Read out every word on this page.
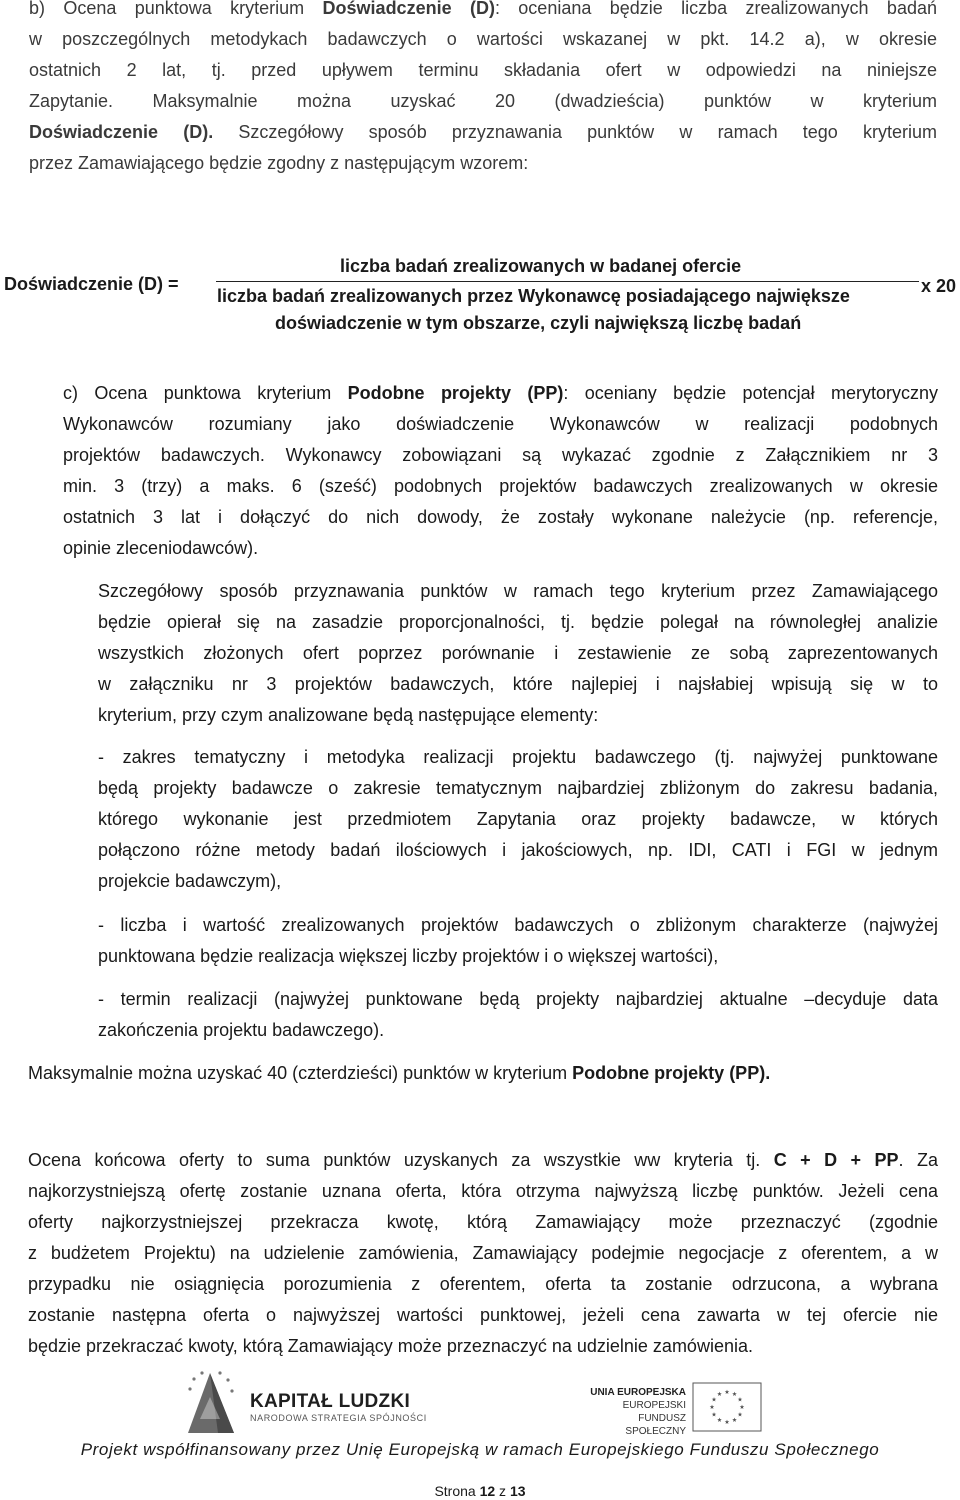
b) Ocena punktowa kryterium Doświadczenie (D): oceniana będzie liczba zrealizowanych badań
w poszczególnych metodykach badawczych o wartości wskazanej w pkt. 14.2 a), w okresie
ostatnich 2 lat, tj. przed upływem terminu składania ofert w odpowiedzi na niniejsze
Zapytanie. Maksymalnie można uzyskać 20 (dwadzieścia) punktów w kryterium
Doświadczenie (D). Szczegółowy sposób przyznawania punktów w ramach tego kryterium
przez Zamawiającego będzie zgodny z następującym wzorem:
Doświadczenie (D) =
liczba badań zrealizowanych w badanej ofercie
liczba badań zrealizowanych przez Wykonawcę posiadającego największe
doświadczenie w tym obszarze, czyli największą liczbę badań
x 20
c) Ocena punktowa kryterium Podobne projekty (PP): oceniany będzie potencjał merytoryczny
Wykonawców rozumiany jako doświadczenie Wykonawców w realizacji podobnych
projektów badawczych. Wykonawcy zobowiązani są wykazać zgodnie z Załącznikiem nr 3
min. 3 (trzy) a maks. 6 (sześć) podobnych projektów badawczych zrealizowanych w okresie
ostatnich 3 lat i dołączyć do nich dowody, że zostały wykonane należycie (np. referencje,
opinie zleceniodawców).
Szczegółowy sposób przyznawania punktów w ramach tego kryterium przez Zamawiającego
będzie opierał się na zasadzie proporcjonalności, tj. będzie polegał na równoległej analizie
wszystkich złożonych ofert poprzez porównanie i zestawienie ze sobą zaprezentowanych
w załączniku nr 3 projektów badawczych, które najlepiej i najsłabiej wpisują się w to
kryterium, przy czym analizowane będą następujące elementy:
- zakres tematyczny i metodyka realizacji projektu badawczego (tj. najwyżej punktowane
będą projekty badawcze o zakresie tematycznym najbardziej zbliżonym do zakresu badania,
którego wykonanie jest przedmiotem Zapytania oraz projekty badawcze, w których
połączono różne metody badań ilościowych i jakościowych, np. IDI, CATI i FGI w jednym
projekcie badawczym),
- liczba i wartość zrealizowanych projektów badawczych o zbliżonym charakterze (najwyżej
punktowana będzie realizacja większej liczby projektów i o większej wartości),
- termin realizacji (najwyżej punktowane będą projekty najbardziej aktualne –decyduje data
zakończenia projektu badawczego).
Maksymalnie można uzyskać 40 (czterdzieści) punktów w kryterium Podobne projekty (PP).
Ocena końcowa oferty to suma punktów uzyskanych za wszystkie ww kryteria tj. C + D + PP. Za
najkorzystniejszą ofertę zostanie uznana oferta, która otrzyma najwyższą liczbę punktów. Jeżeli cena
oferty najkorzystniejszej przekracza kwotę, którą Zamawiający może przeznaczyć (zgodnie
z budżetem Projektu) na udzielenie zamówienia, Zamawiający podejmie negocjacje z oferentem, a w
przypadku nie osiągnięcia porozumienia z oferentem, oferta ta zostanie odrzucona, a wybrana
zostanie następna oferta o najwyższej wartości punktowej, jeżeli cena zawarta w tej ofercie nie
będzie przekraczać kwoty, którą Zamawiający może przeznaczyć na udzielnie zamówienia.
KAPITAŁ LUDZKI
NARODOWA STRATEGIA SPÓJNOŚCI
UNIA EUROPEJSKA
EUROPEJSKI
FUNDUSZ SPOŁECZNY
Projekt współfinansowany przez Unię Europejską w ramach Europejskiego Funduszu Społecznego
Strona 12 z 13
